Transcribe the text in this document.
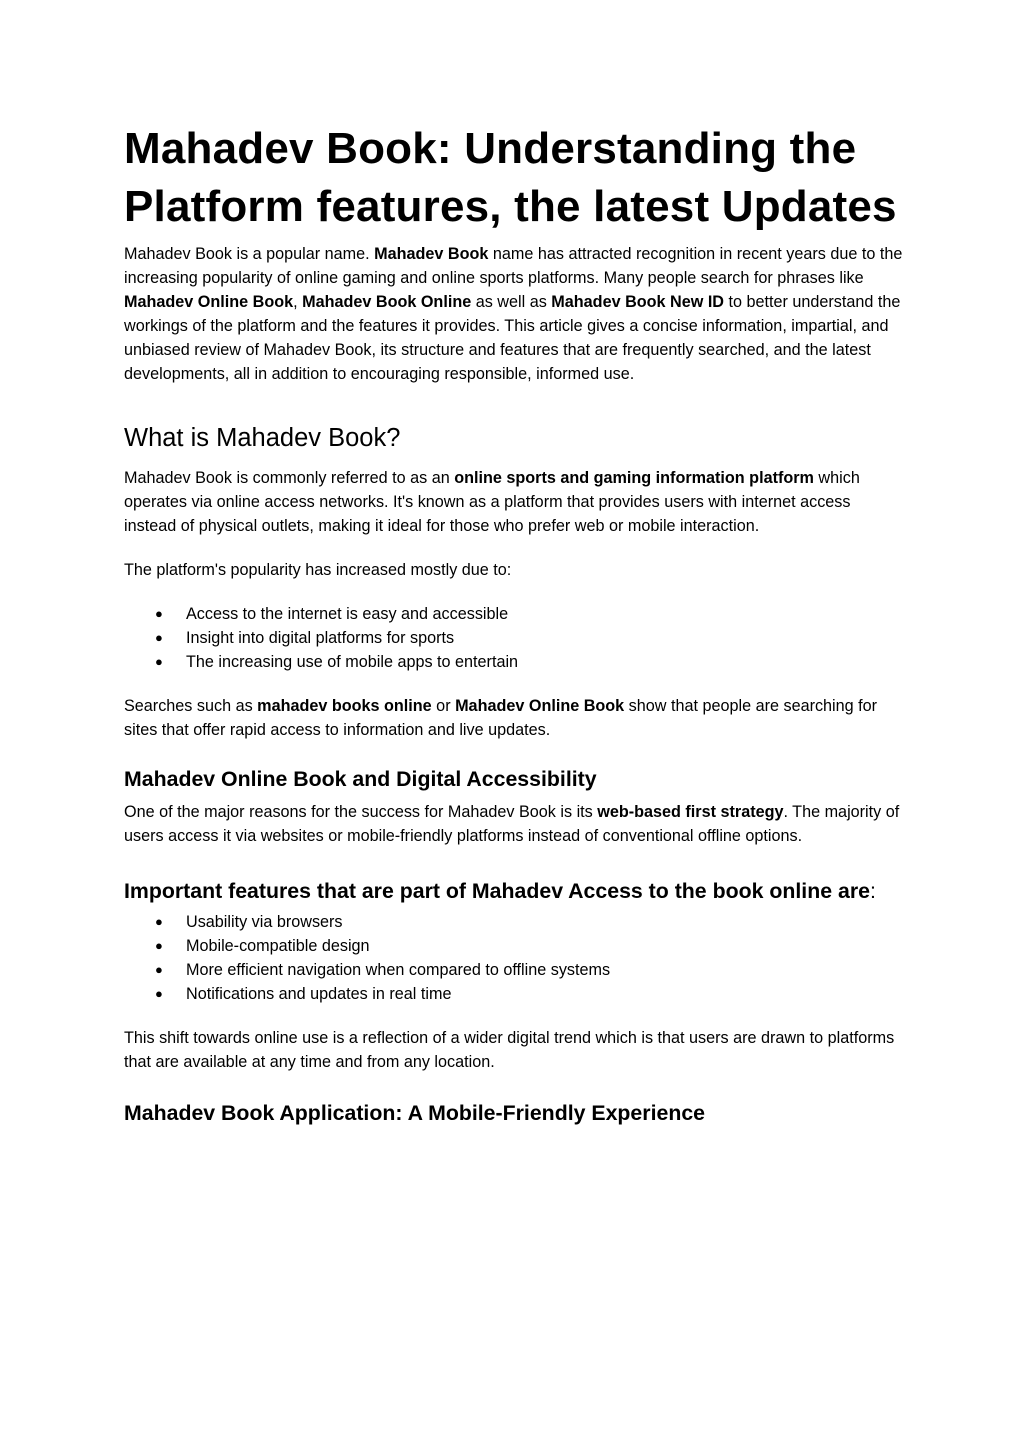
Mahadev Book: Understanding the Platform features, the latest Updates

Mahadev Book is a popular name. Mahadev Book name has attracted recognition in recent years due to the increasing popularity of online gaming and online sports platforms. Many people search for phrases like Mahadev Online Book, Mahadev Book Online as well as Mahadev Book New ID to better understand the workings of the platform and the features it provides. This article gives a concise information, impartial, and unbiased review of Mahadev Book, its structure and features that are frequently searched, and the latest developments, all in addition to encouraging responsible, informed use.

What is Mahadev Book?

Mahadev Book is commonly referred to as an online sports and gaming information platform which operates via online access networks. It's known as a platform that provides users with internet access instead of physical outlets, making it ideal for those who prefer web or mobile interaction.

The platform's popularity has increased mostly due to:

● Access to the internet is easy and accessible
● Insight into digital platforms for sports
● The increasing use of mobile apps to entertain

Searches such as mahadev books online or Mahadev Online Book show that people are searching for sites that offer rapid access to information and live updates.

Mahadev Online Book and Digital Accessibility

One of the major reasons for the success for Mahadev Book is its web-based first strategy. The majority of users access it via websites or mobile-friendly platforms instead of conventional offline options.

Important features that are part of Mahadev Access to the book online are:
● Usability via browsers
● Mobile-compatible design
● More efficient navigation when compared to offline systems
● Notifications and updates in real time

This shift towards online use is a reflection of a wider digital trend which is that users are drawn to platforms that are available at any time and from any location.

Mahadev Book Application: A Mobile-Friendly Experience
